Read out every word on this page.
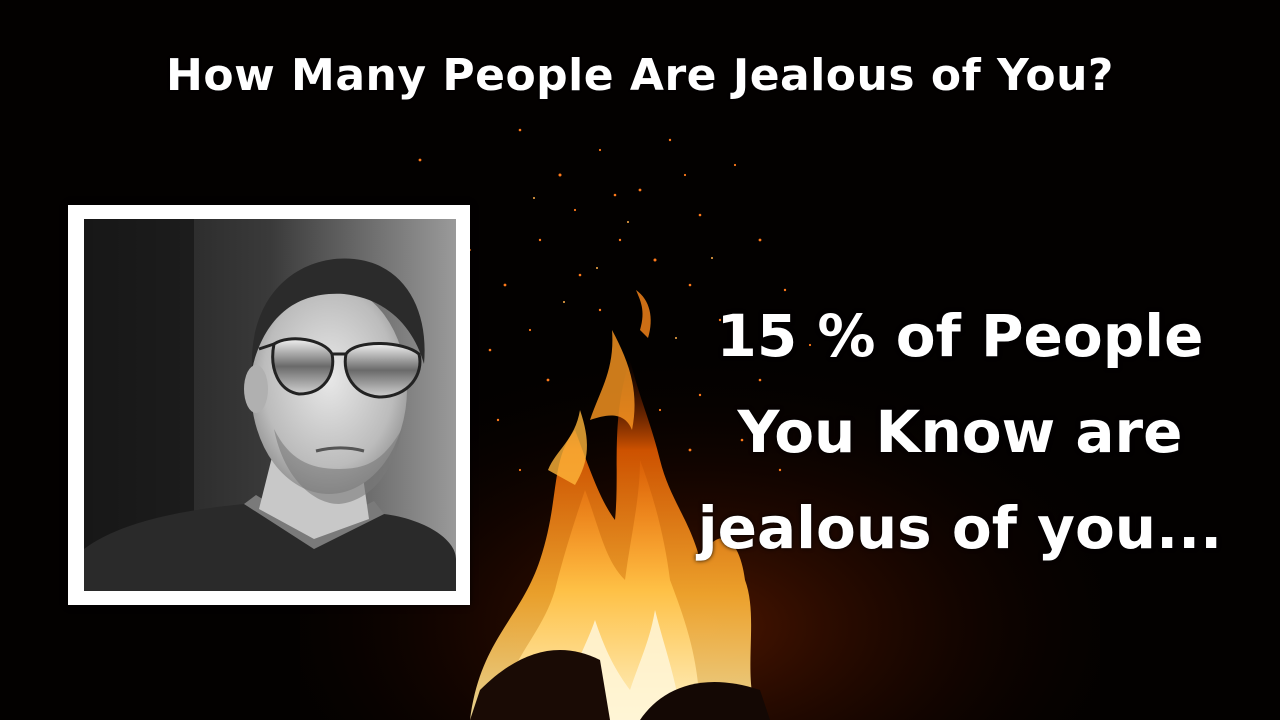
How Many People Are Jealous of You?
15 % of People
You Know are
jealous of you...
